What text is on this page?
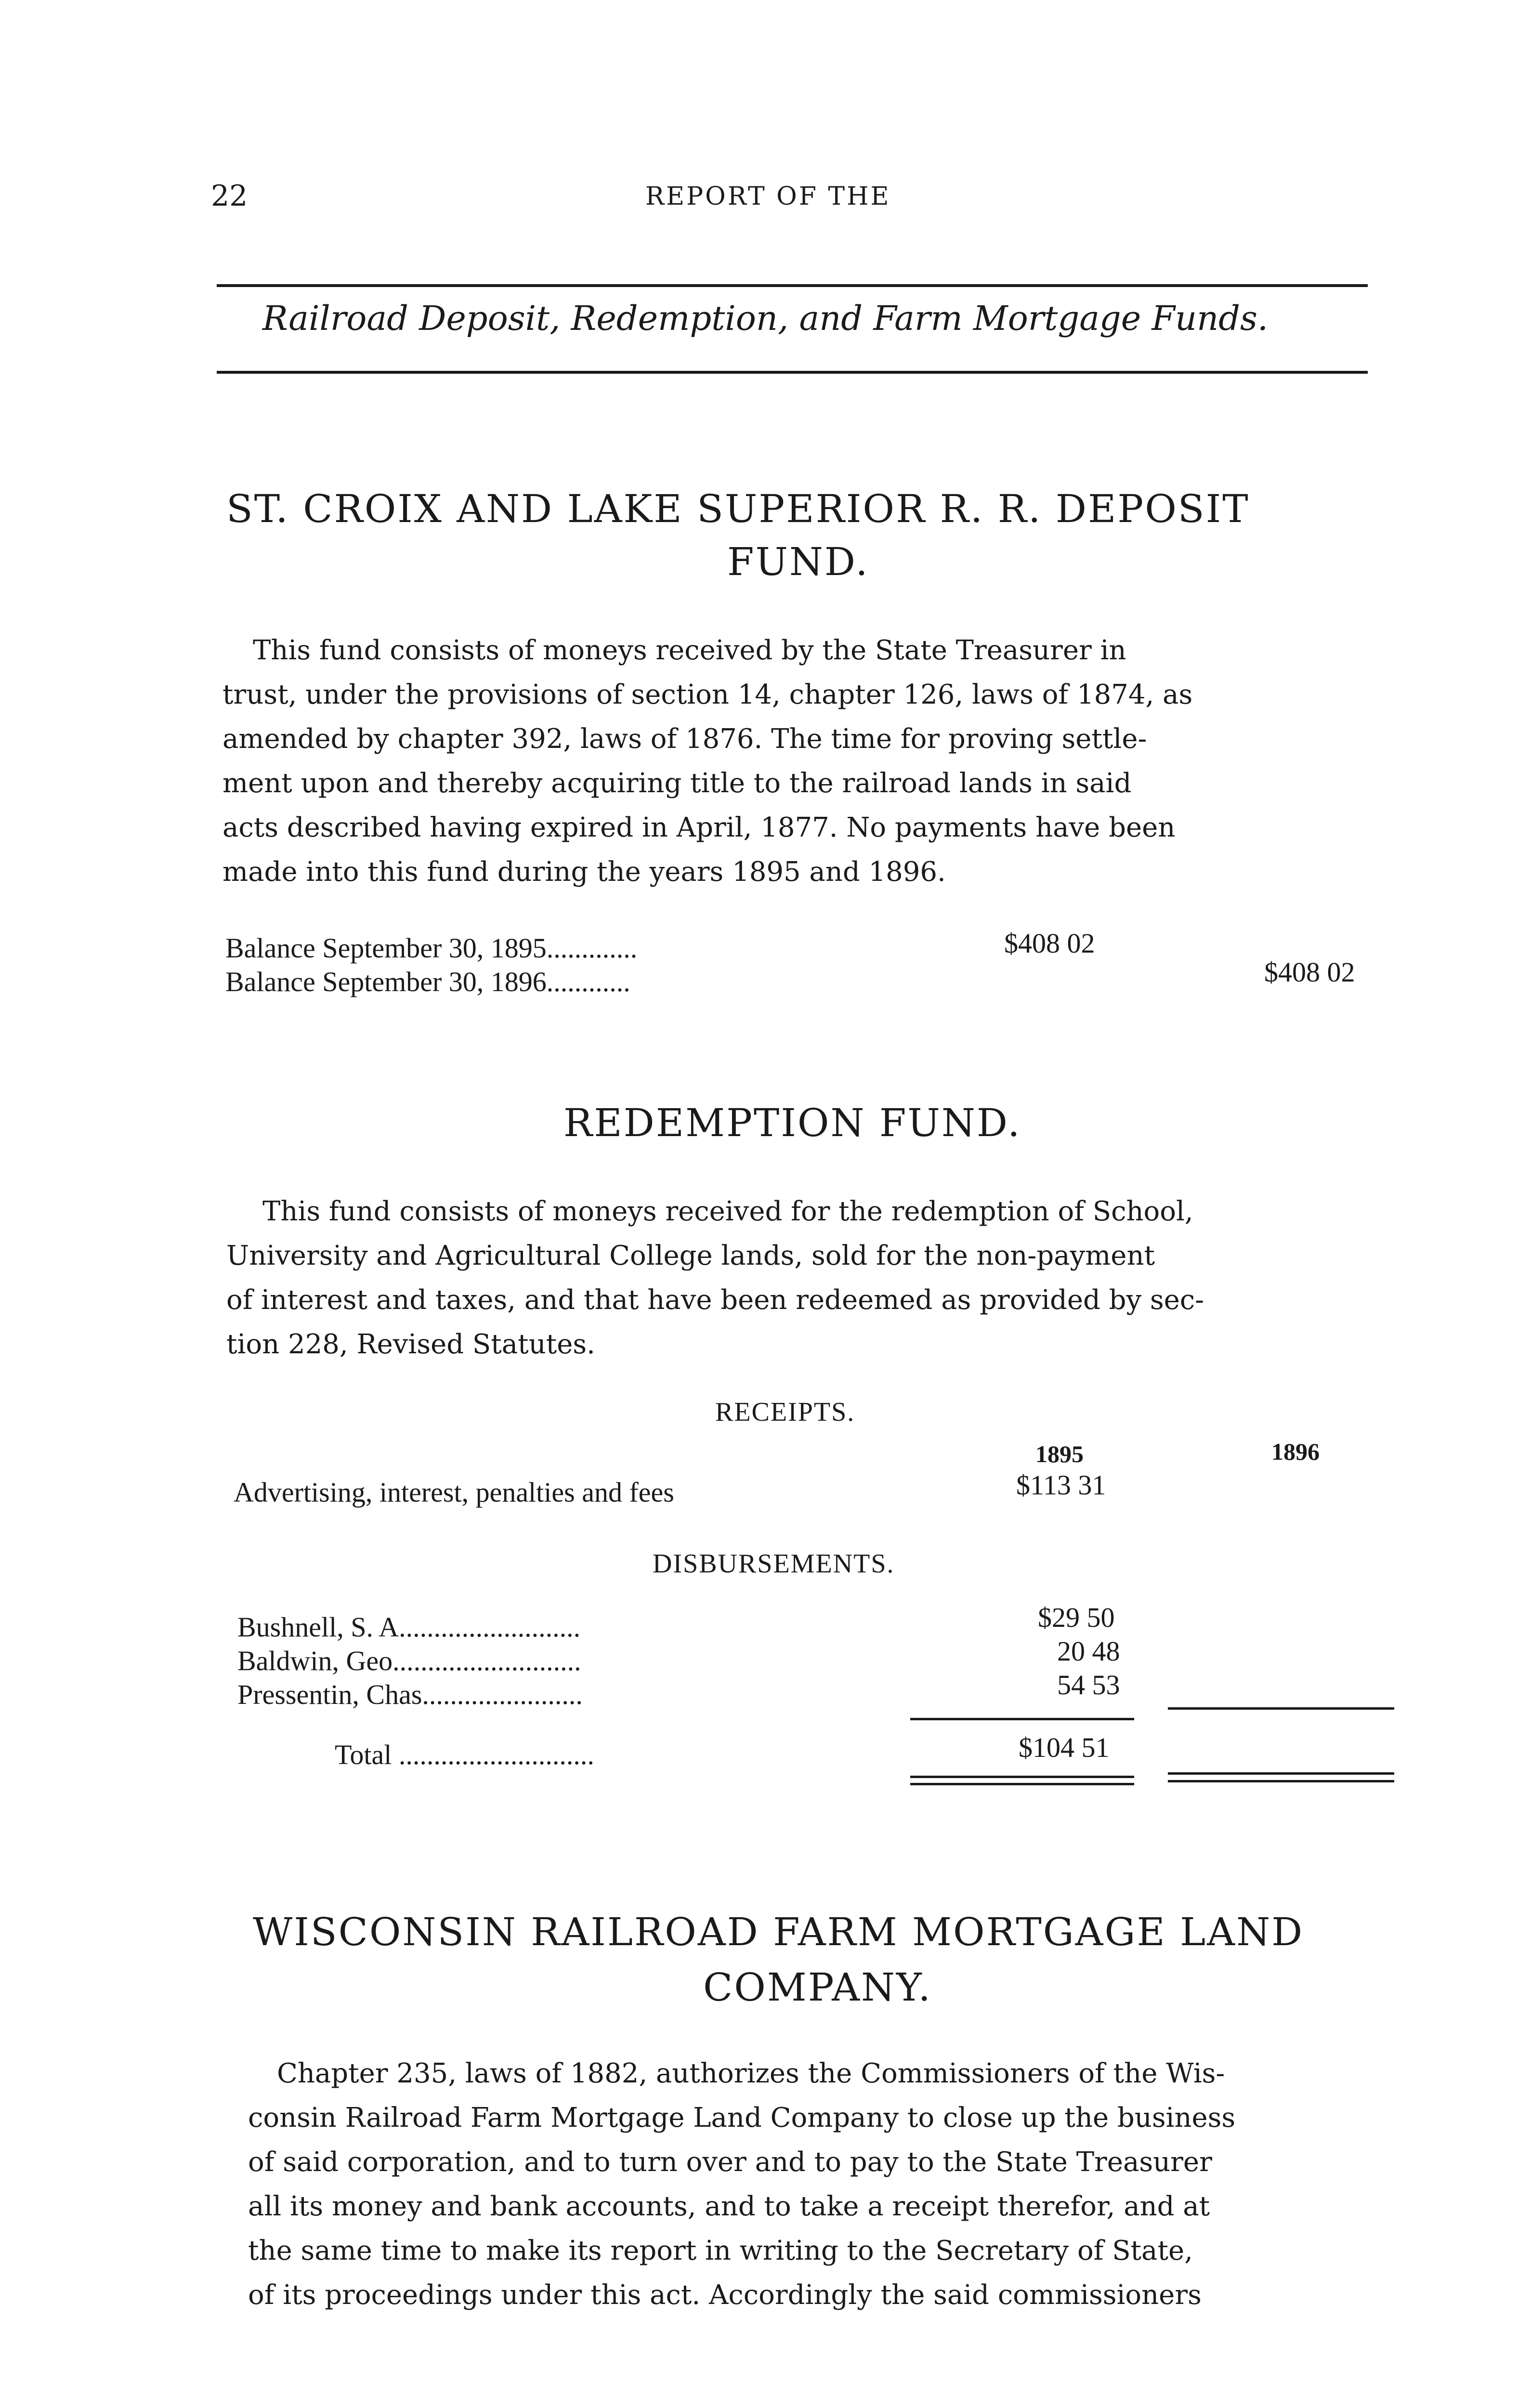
22	REPORT OF THE
Railroad Deposit, Redemption, and Farm Mortgage Funds.
ST. CROIX AND LAKE SUPERIOR R. R. DEPOSIT
FUND.
This fund consists of moneys received by the State Treasurer in
trust, under the provisions of section 14, chapter 126, laws of 1874, as
amended by chapter 392, laws of 1876. The time for proving settle-
ment upon and thereby acquiring title to the railroad lands in said
acts described having expired in April, 1877. No payments have been
made into this fund during the years 1895 and 1896.
Balance September 30, 1895.............	$408 02
Balance September 30, 1896............	$408 02
REDEMPTION FUND.
This fund consists of moneys received for the redemption of School,
University and Agricultural College lands, sold for the non-payment
of interest and taxes, and that have been redeemed as provided by sec-
tion 228, Revised Statutes.
RECEIPTS.
1895	1896
Advertising, interest, penalties and fees	$113 31
DISBURSEMENTS.
Bushnell, S. A..........................	$29 50
Baldwin, Geo...........................	20 48
Pressentin, Chas.......................	54 53
Total ............................	$104 51
WISCONSIN RAILROAD FARM MORTGAGE LAND
COMPANY.
Chapter 235, laws of 1882, authorizes the Commissioners of the Wis-
consin Railroad Farm Mortgage Land Company to close up the business
of said corporation, and to turn over and to pay to the State Treasurer
all its money and bank accounts, and to take a receipt therefor, and at
the same time to make its report in writing to the Secretary of State,
of its proceedings under this act. Accordingly the said commissioners
